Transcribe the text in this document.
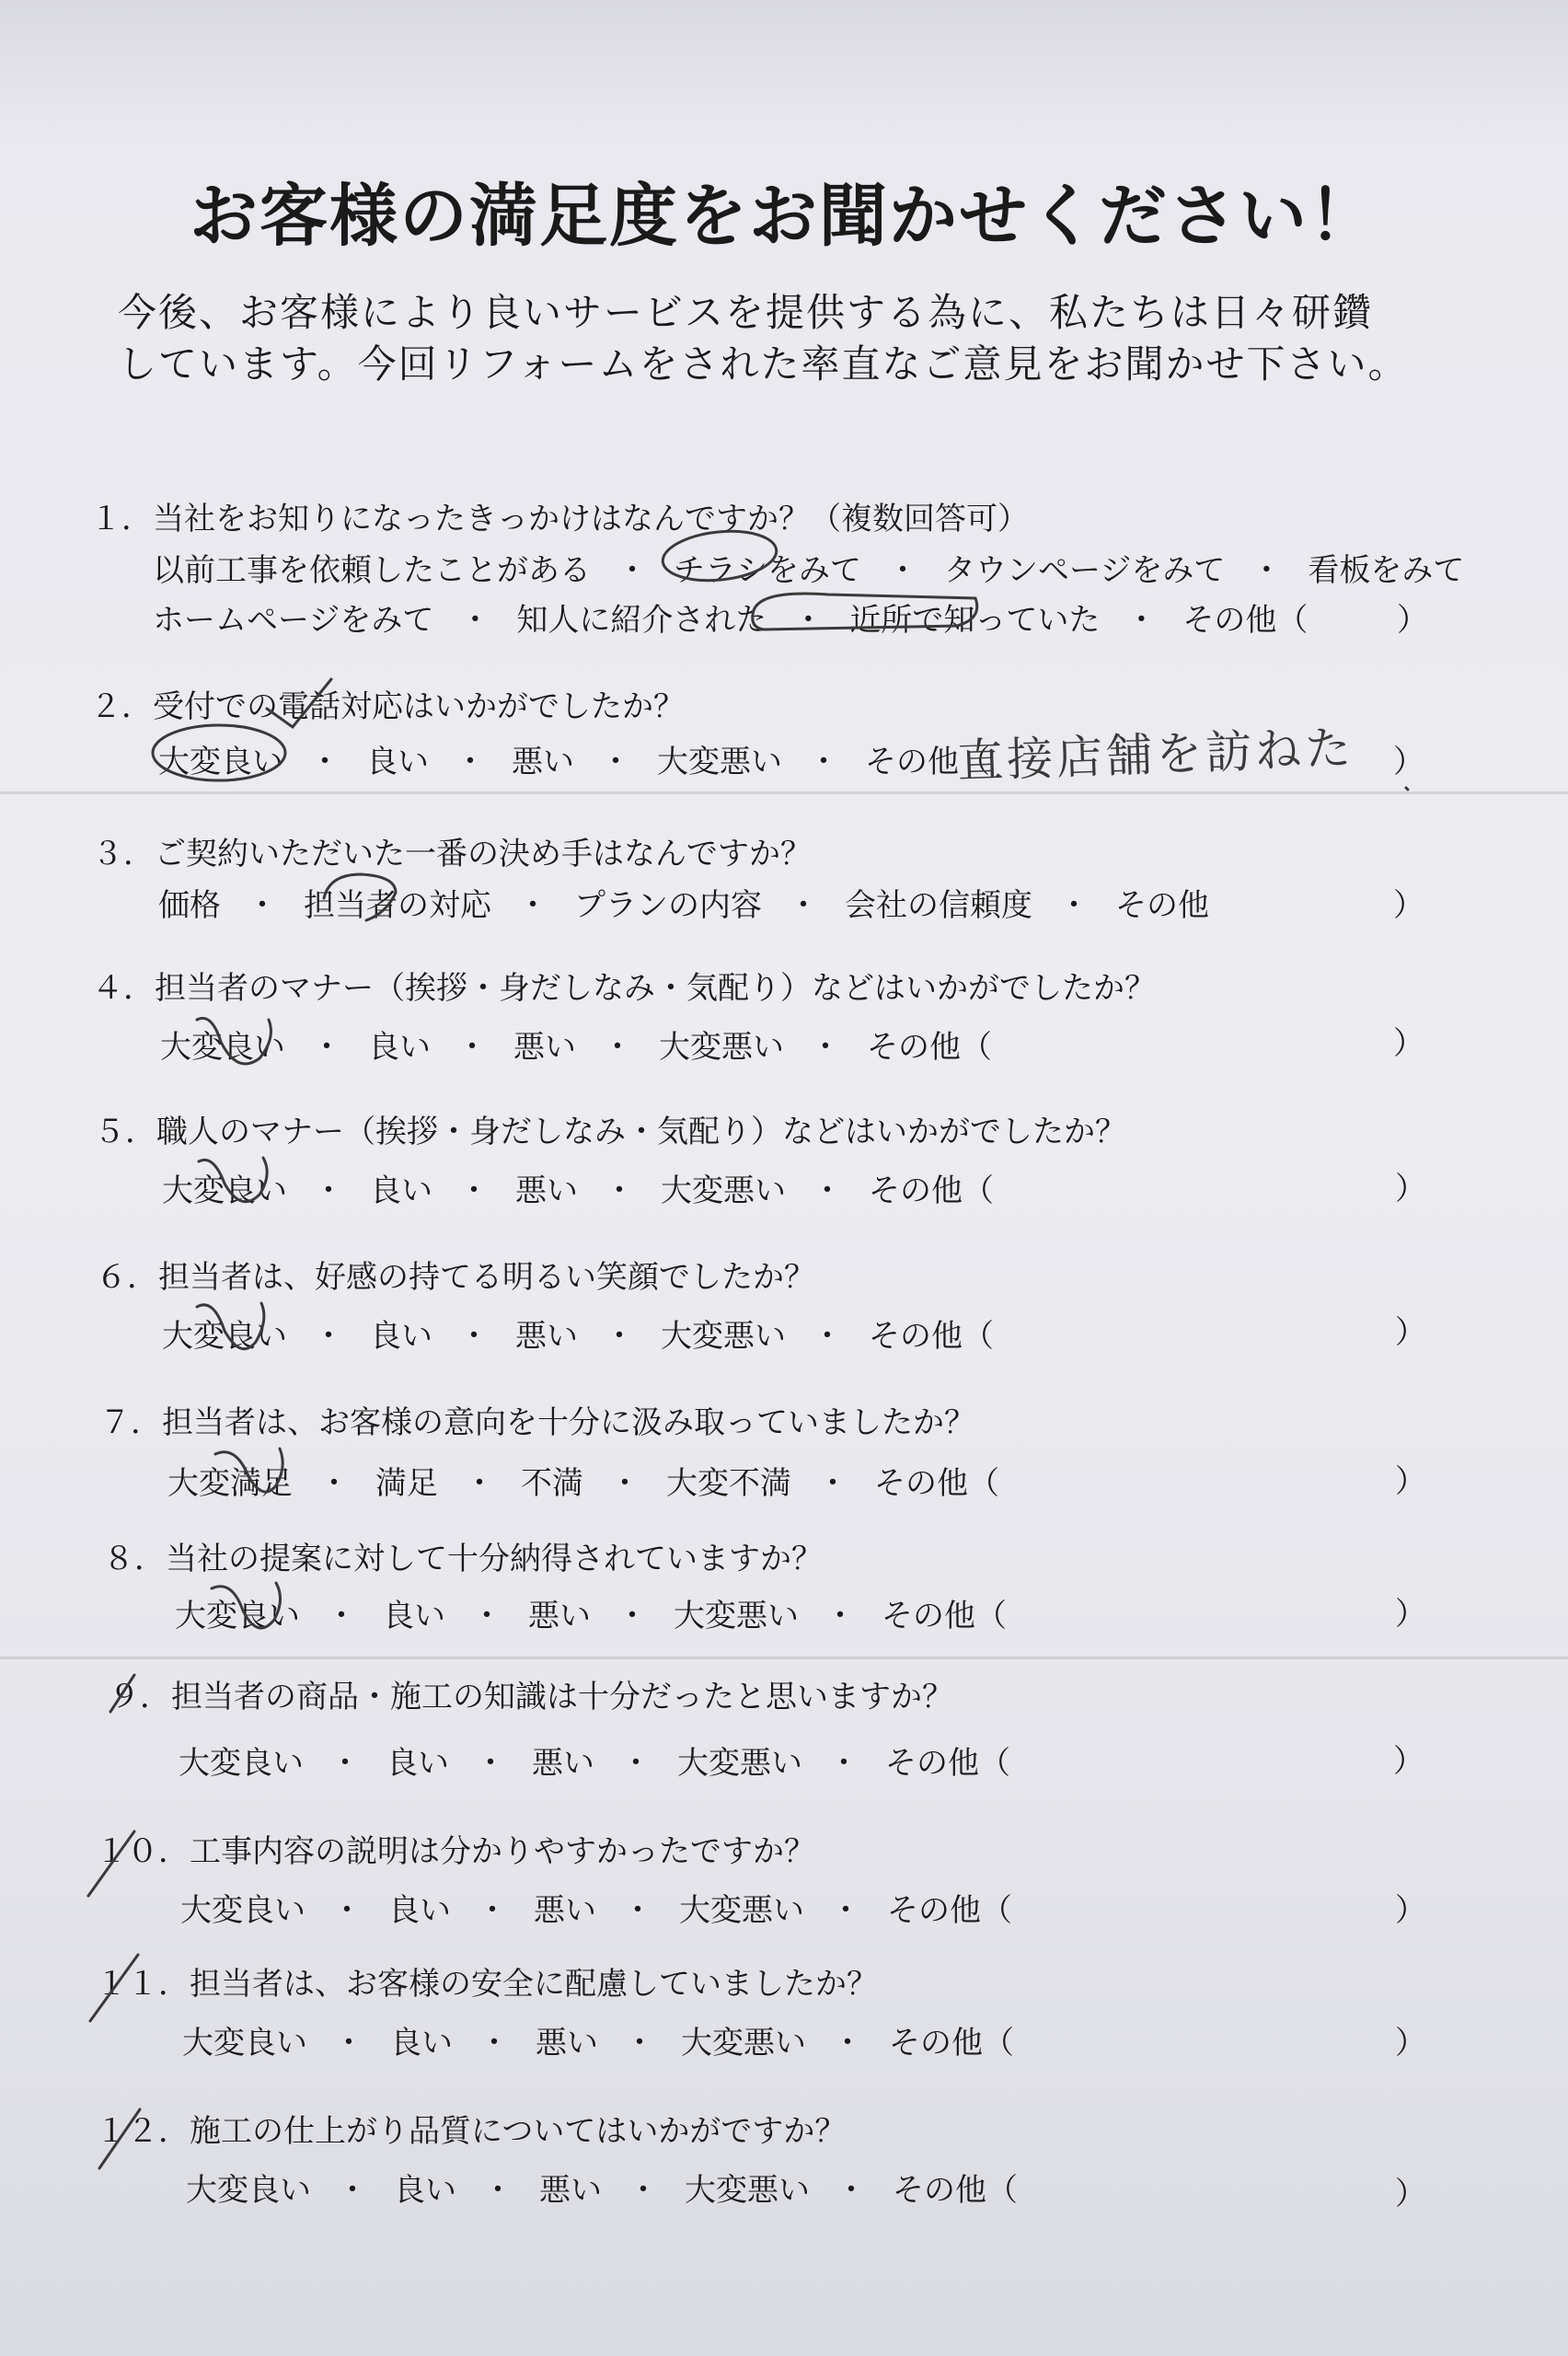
お客様の満足度をお聞かせください！
今後、お客様により良いサービスを提供する為に、私たちは日々研鑽
しています。今回リフォームをされた率直なご意見をお聞かせ下さい。
１．当社をお知りになったきっかけはなんですか？（複数回答可）
以前工事を依頼したことがある ・ チラシをみて ・ タウンページをみて ・ 看板をみて
ホームページをみて ・ 知人に紹介された ・ 近所で知っていた ・ その他（	）
２．受付での電話対応はいかがでしたか？
大変良い ・ 良い ・ 悪い ・ 大変悪い ・ その他（
直接店舗を訪ねた ）
３．ご契約いただいた一番の決め手はなんですか？
価格 ・ 担当者の対応 ・ プランの内容 ・ 会社の信頼度 ・ その他	）
４．担当者のマナー（挨拶・身だしなみ・気配り）などはいかがでしたか？
大変良い ・ 良い ・ 悪い ・ 大変悪い ・ その他（	）
５．職人のマナー（挨拶・身だしなみ・気配り）などはいかがでしたか？
大変良い ・ 良い ・ 悪い ・ 大変悪い ・ その他（	）
６．担当者は、好感の持てる明るい笑顔でしたか？
大変良い ・ 良い ・ 悪い ・ 大変悪い ・ その他（	）
７．担当者は、お客様の意向を十分に汲み取っていましたか？
大変満足 ・ 満足 ・ 不満 ・ 大変不満 ・ その他（	）
８．当社の提案に対して十分納得されていますか？
大変良い ・ 良い ・ 悪い ・ 大変悪い ・ その他（	）
９．担当者の商品・施工の知識は十分だったと思いますか？
大変良い ・ 良い ・ 悪い ・ 大変悪い ・ その他（	）
１０．工事内容の説明は分かりやすかったですか？
大変良い ・ 良い ・ 悪い ・ 大変悪い ・ その他（	）
１１．担当者は、お客様の安全に配慮していましたか？
大変良い ・ 良い ・ 悪い ・ 大変悪い ・ その他（	）
１２．施工の仕上がり品質についてはいかがですか？
大変良い ・ 良い ・ 悪い ・ 大変悪い ・ その他（	）
